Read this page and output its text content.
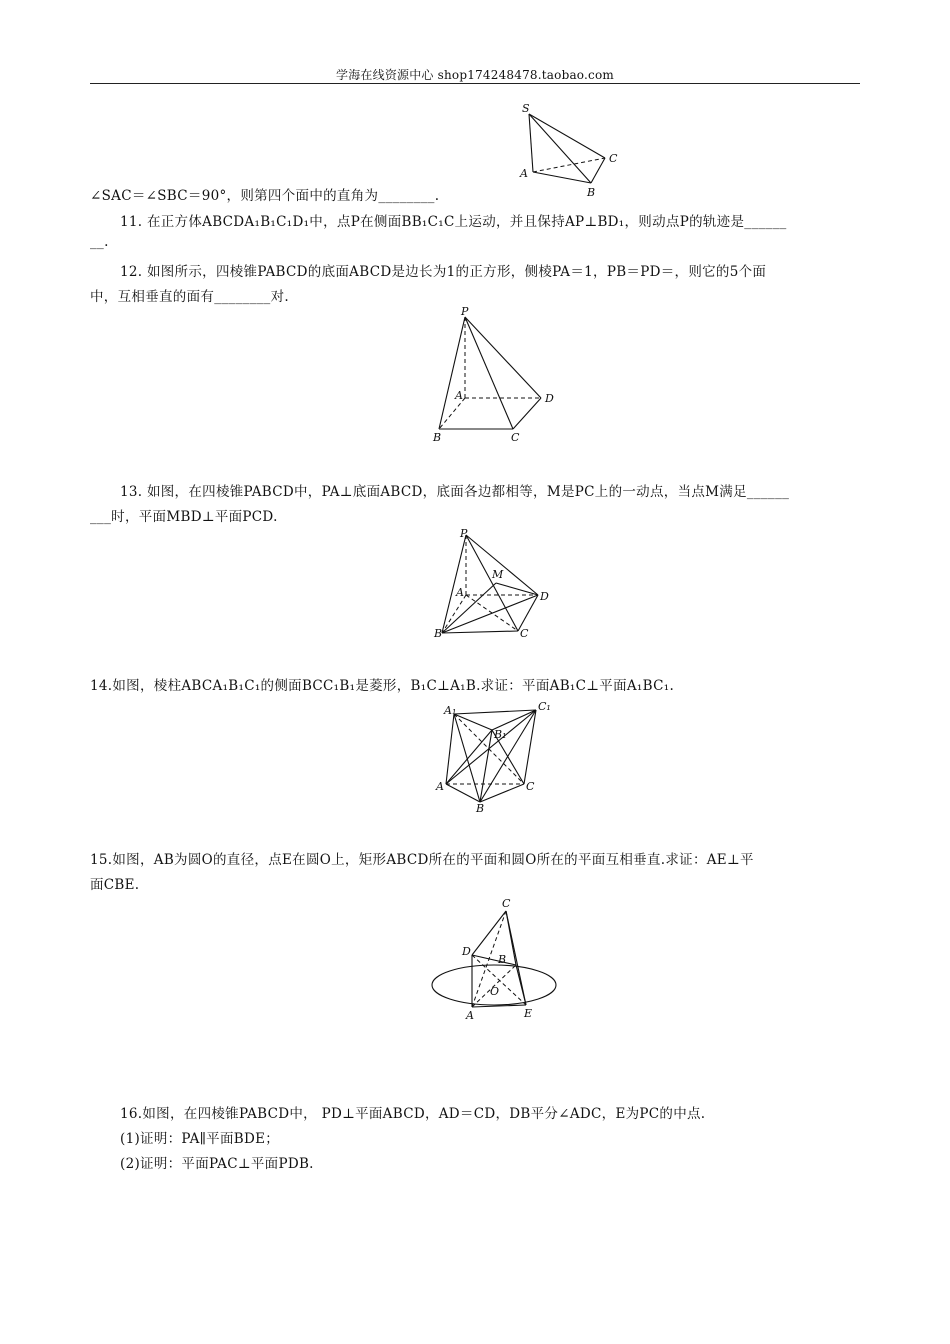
学海在线资源中心 shop174248478.taobao.com
S
A
B
C
∠SAC＝∠SBC＝90°，则第四个面中的直角为________.
11. 在正方体ABCDA₁B₁C₁D₁中，点P在侧面BB₁C₁C上运动，并且保持AP⊥BD₁，则动点P的轨迹是______
__.
12. 如图所示，四棱锥PABCD的底面ABCD是边长为1的正方形，侧棱PA＝1，PB＝PD＝，则它的5个面
中，互相垂直的面有________对.
P
A
B	C
D
13. 如图，在四棱锥PABCD中，PA⊥底面ABCD，底面各边都相等，M是PC上的一动点，当点M满足______
___时，平面MBD⊥平面PCD.
P
M
A
B	C
D
14.如图，棱柱ABCA₁B₁C₁的侧面BCC₁B₁是菱形，B₁C⊥A₁B.求证：平面AB₁C⊥平面A₁BC₁.
A₁	C₁
B₁
A
B
C
15.如图，AB为圆O的直径，点E在圆O上，矩形ABCD所在的平面和圆O所在的平面互相垂直.求证：AE⊥平
面CBE.
C
D
B
O
A	E
16.如图，在四棱锥PABCD中， PD⊥平面ABCD，AD＝CD，DB平分∠ADC，E为PC的中点.
(1)证明：PA∥平面BDE；
(2)证明：平面PAC⊥平面PDB.
